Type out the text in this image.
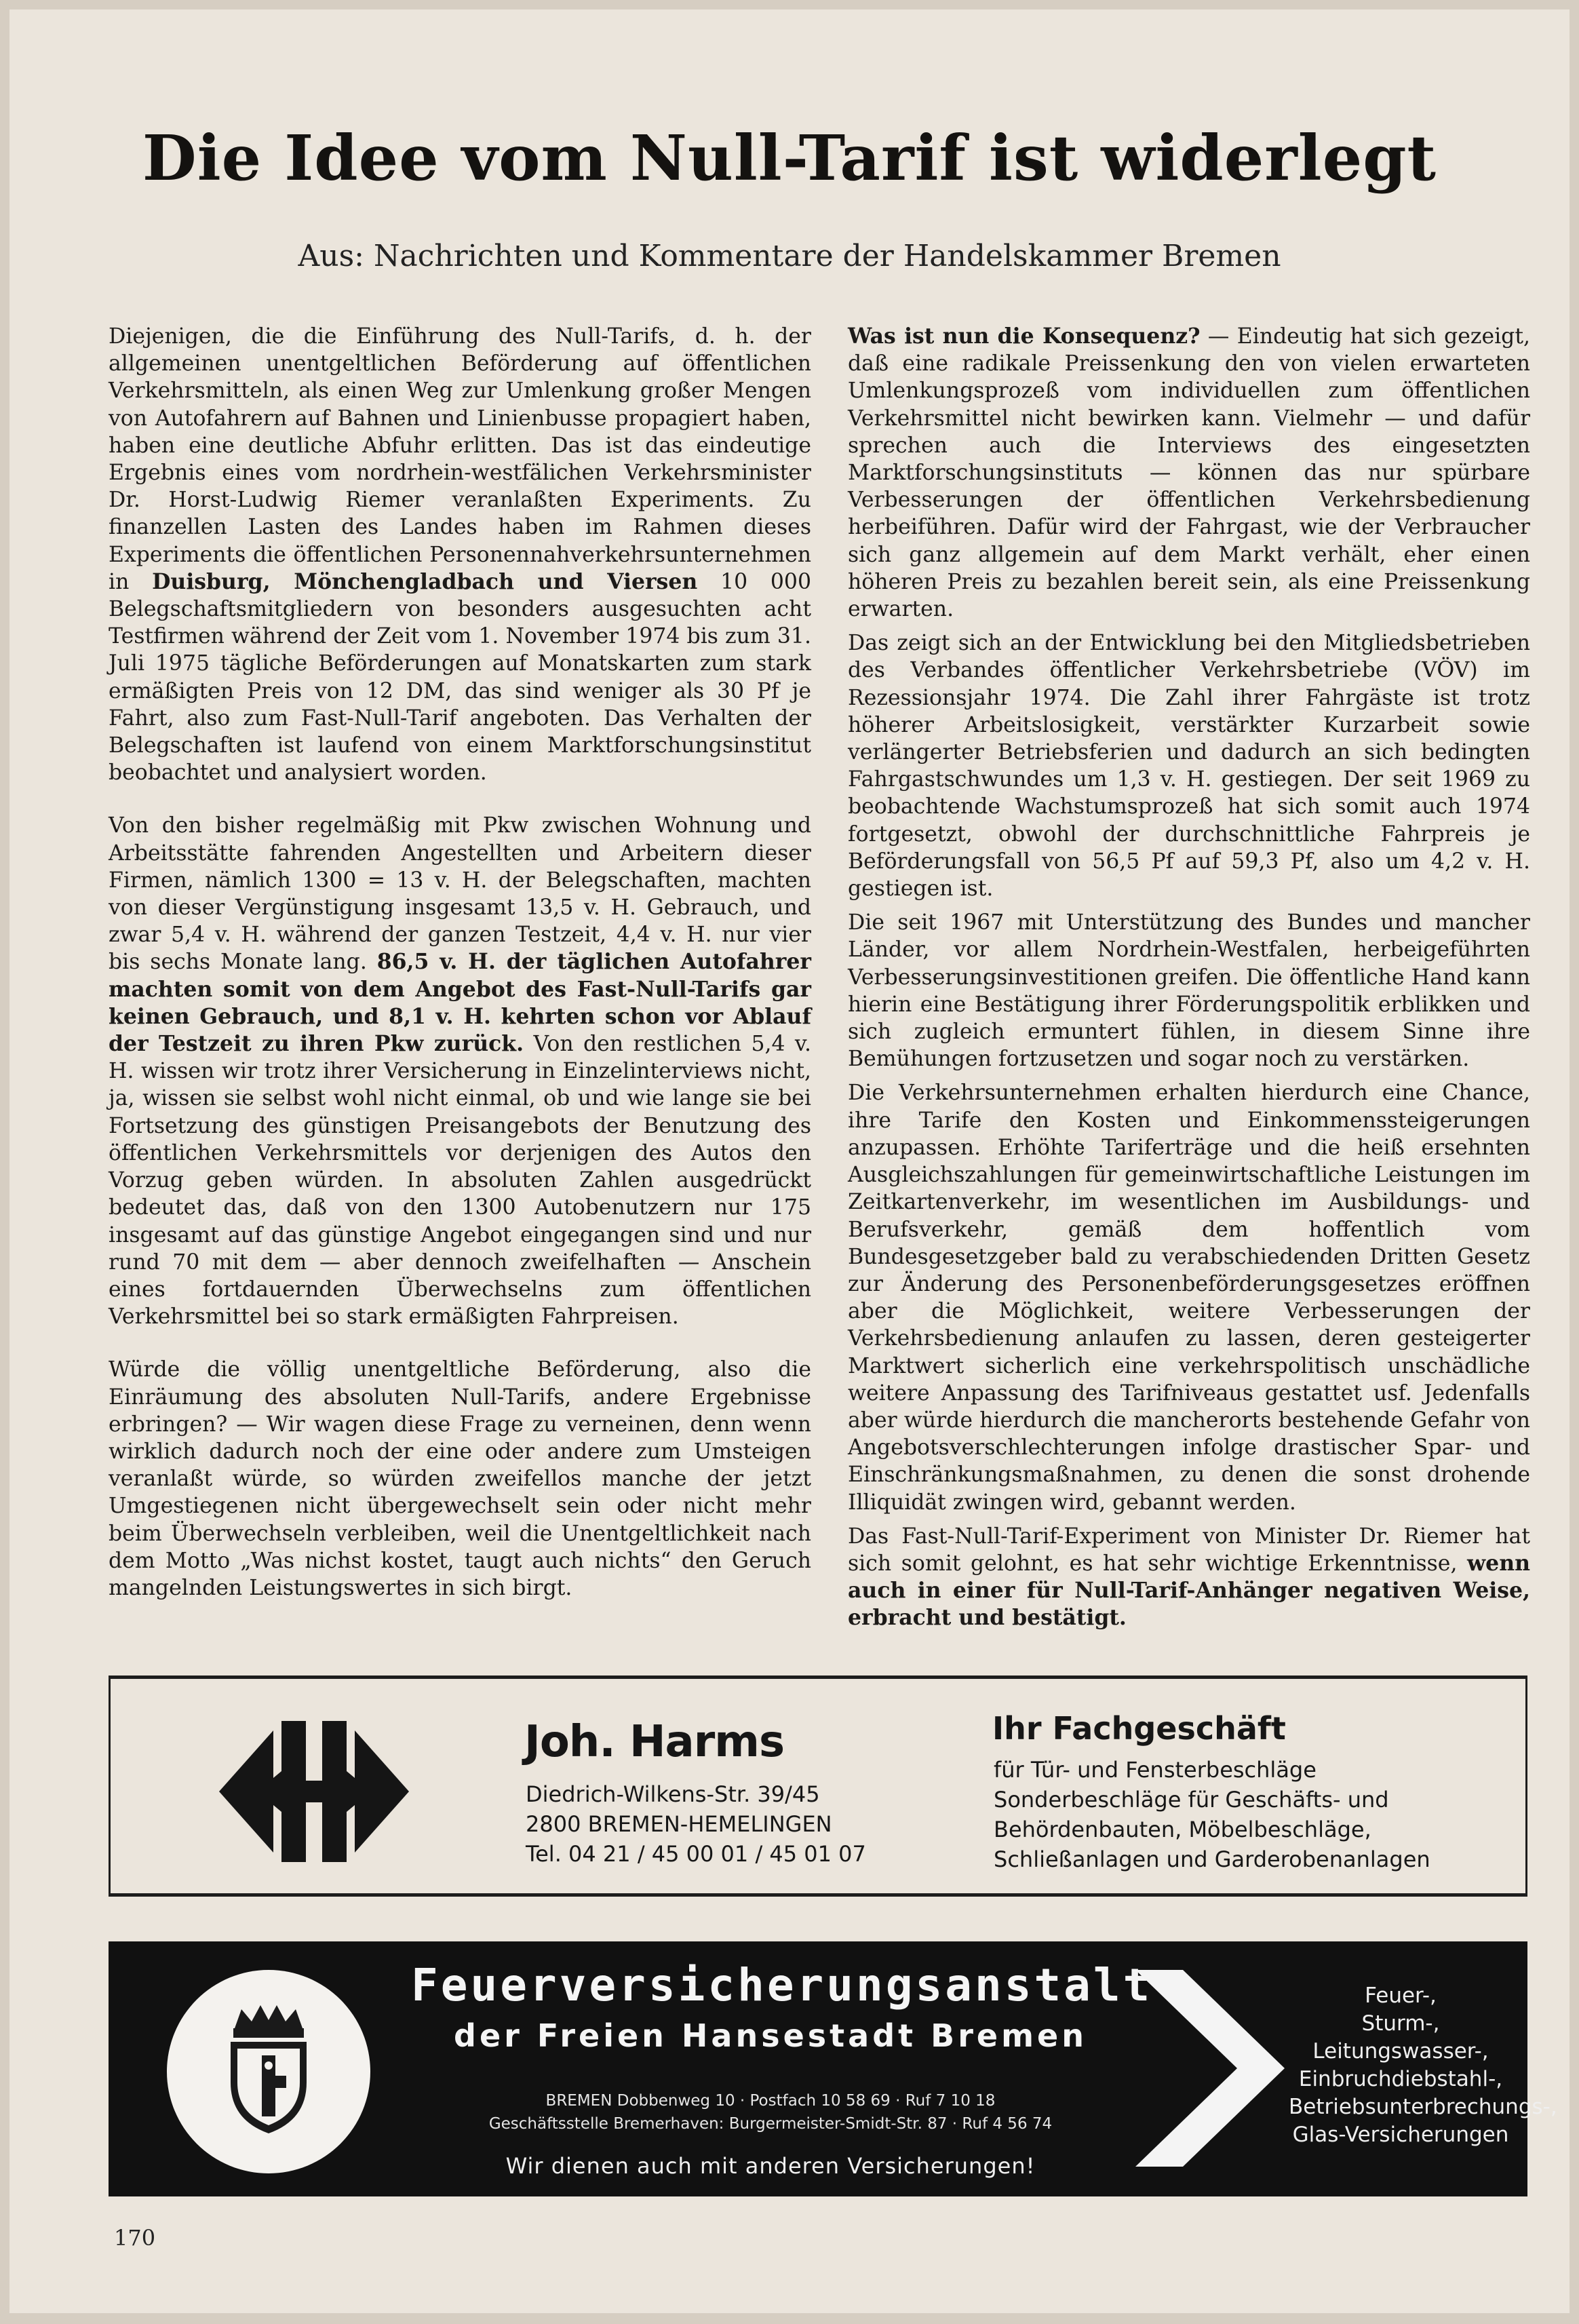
Die Idee vom Null-Tarif ist widerlegt
Aus: Nachrichten und Kommentare der Handelskammer Bremen

Diejenigen, die die Einführung des Null-Tarifs, d. h. der allgemeinen unentgeltlichen Beförderung auf öffentlichen Verkehrsmitteln, als einen Weg zur Umlenkung großer Mengen von Autofahrern auf Bahnen und Linienbusse propagiert haben, haben eine deutliche Abfuhr erlitten. Das ist das eindeutige Ergebnis eines vom nordrhein-westfälichen Verkehrsminister Dr. Horst-Ludwig Riemer veranlaßten Experiments. Zu finanzellen Lasten des Landes haben im Rahmen dieses Experiments die öffentlichen Personennahverkehrsunternehmen in Duisburg, Mönchengladbach und Viersen 10 000 Belegschaftsmitgliedern von besonders ausgesuchten acht Testfirmen während der Zeit vom 1. November 1974 bis zum 31. Juli 1975 tägliche Beförderungen auf Monatskarten zum stark ermäßigten Preis von 12 DM, das sind weniger als 30 Pf je Fahrt, also zum Fast-Null-Tarif angeboten. Das Verhalten der Belegschaften ist laufend von einem Marktforschungsinstitut beobachtet und analysiert worden.

Von den bisher regelmäßig mit Pkw zwischen Wohnung und Arbeitsstätte fahrenden Angestellten und Arbeitern dieser Firmen, nämlich 1300 = 13 v. H. der Belegschaften, machten von dieser Vergünstigung insgesamt 13,5 v. H. Gebrauch, und zwar 5,4 v. H. während der ganzen Testzeit, 4,4 v. H. nur vier bis sechs Monate lang. 86,5 v. H. der täglichen Autofahrer machten somit von dem Angebot des Fast-Null-Tarifs gar keinen Gebrauch, und 8,1 v. H. kehrten schon vor Ablauf der Testzeit zu ihren Pkw zurück. Von den restlichen 5,4 v. H. wissen wir trotz ihrer Versicherung in Einzelinterviews nicht, ja, wissen sie selbst wohl nicht einmal, ob und wie lange sie bei Fortsetzung des günstigen Preisangebots der Benutzung des öffentlichen Verkehrsmittels vor derjenigen des Autos den Vorzug geben würden. In absoluten Zahlen ausgedrückt bedeutet das, daß von den 1300 Autobenutzern nur 175 insgesamt auf das günstige Angebot eingegangen sind und nur rund 70 mit dem — aber dennoch zweifelhaften — Anschein eines fortdauernden Überwechselns zum öffentlichen Verkehrsmittel bei so stark ermäßigten Fahrpreisen.

Würde die völlig unentgeltliche Beförderung, also die Einräumung des absoluten Null-Tarifs, andere Ergebnisse erbringen? — Wir wagen diese Frage zu verneinen, denn wenn wirklich dadurch noch der eine oder andere zum Umsteigen veranlaßt würde, so würden zweifellos manche der jetzt Umgestiegenen nicht übergewechselt sein oder nicht mehr beim Überwechseln verbleiben, weil die Unentgeltlichkeit nach dem Motto „Was nichst kostet, taugt auch nichts“ den Geruch mangelnden Leistungswertes in sich birgt.

Was ist nun die Konsequenz? — Eindeutig hat sich gezeigt, daß eine radikale Preissenkung den von vielen erwarteten Umlenkungsprozeß vom individuellen zum öffentlichen Verkehrsmittel nicht bewirken kann. Vielmehr — und dafür sprechen auch die Interviews des eingesetzten Marktforschungsinstituts — können das nur spürbare Verbesserungen der öffentlichen Verkehrsbedienung herbeiführen. Dafür wird der Fahrgast, wie der Verbraucher sich ganz allgemein auf dem Markt verhält, eher einen höheren Preis zu bezahlen bereit sein, als eine Preissenkung erwarten.

Das zeigt sich an der Entwicklung bei den Mitgliedsbetrieben des Verbandes öffentlicher Verkehrsbetriebe (VÖV) im Rezessionsjahr 1974. Die Zahl ihrer Fahrgäste ist trotz höherer Arbeitslosigkeit, verstärkter Kurzarbeit sowie verlängerter Betriebsferien und dadurch an sich bedingten Fahrgastschwundes um 1,3 v. H. gestiegen. Der seit 1969 zu beobachtende Wachstumsprozeß hat sich somit auch 1974 fortgesetzt, obwohl der durchschnittliche Fahrpreis je Beförderungsfall von 56,5 Pf auf 59,3 Pf, also um 4,2 v. H. gestiegen ist.

Die seit 1967 mit Unterstützung des Bundes und mancher Länder, vor allem Nordrhein-Westfalen, herbeigeführten Verbesserungsinvestitionen greifen. Die öffentliche Hand kann hierin eine Bestätigung ihrer Förderungspolitik erblikken und sich zugleich ermuntert fühlen, in diesem Sinne ihre Bemühungen fortzusetzen und sogar noch zu verstärken.

Die Verkehrsunternehmen erhalten hierdurch eine Chance, ihre Tarife den Kosten und Einkommenssteigerungen anzupassen. Erhöhte Tariferträge und die heiß ersehnten Ausgleichszahlungen für gemeinwirtschaftliche Leistungen im Zeitkartenverkehr, im wesentlichen im Ausbildungs- und Berufsverkehr, gemäß dem hoffentlich vom Bundesgesetzgeber bald zu verabschiedenden Dritten Gesetz zur Änderung des Personenbeförderungsgesetzes eröffnen aber die Möglichkeit, weitere Verbesserungen der Verkehrsbedienung anlaufen zu lassen, deren gesteigerter Marktwert sicherlich eine verkehrspolitisch unschädliche weitere Anpassung des Tarifniveaus gestattet usf. Jedenfalls aber würde hierdurch die mancherorts bestehende Gefahr von Angebotsverschlechterungen infolge drastischer Spar- und Einschränkungsmaßnahmen, zu denen die sonst drohende Illiquidät zwingen wird, gebannt werden.

Das Fast-Null-Tarif-Experiment von Minister Dr. Riemer hat sich somit gelohnt, es hat sehr wichtige Erkenntnisse, wenn auch in einer für Null-Tarif-Anhänger negativen Weise, erbracht und bestätigt.

Joh. Harms
Diedrich-Wilkens-Str. 39/45
2800 BREMEN-HEMELINGEN
Tel. 04 21 / 45 00 01 / 45 01 07
Ihr Fachgeschäft
für Tür- und Fensterbeschläge
Sonderbeschläge für Geschäfts- und
Behördenbauten, Möbelbeschläge,
Schließanlagen und Garderobenanlagen
Feuerversicherungsanstalt
der Freien Hansestadt Bremen
BREMEN Dobbenweg 10 · Postfach 10 58 69 · Ruf 7 10 18
Geschäftsstelle Bremerhaven: Burgermeister-Smidt-Str. 87 · Ruf 4 56 74
Wir dienen auch mit anderen Versicherungen!
Feuer-,
Sturm-,
Leitungswasser-,
Einbruchdiebstahl-,
Betriebsunterbrechungs-,
Glas-Versicherungen
170
